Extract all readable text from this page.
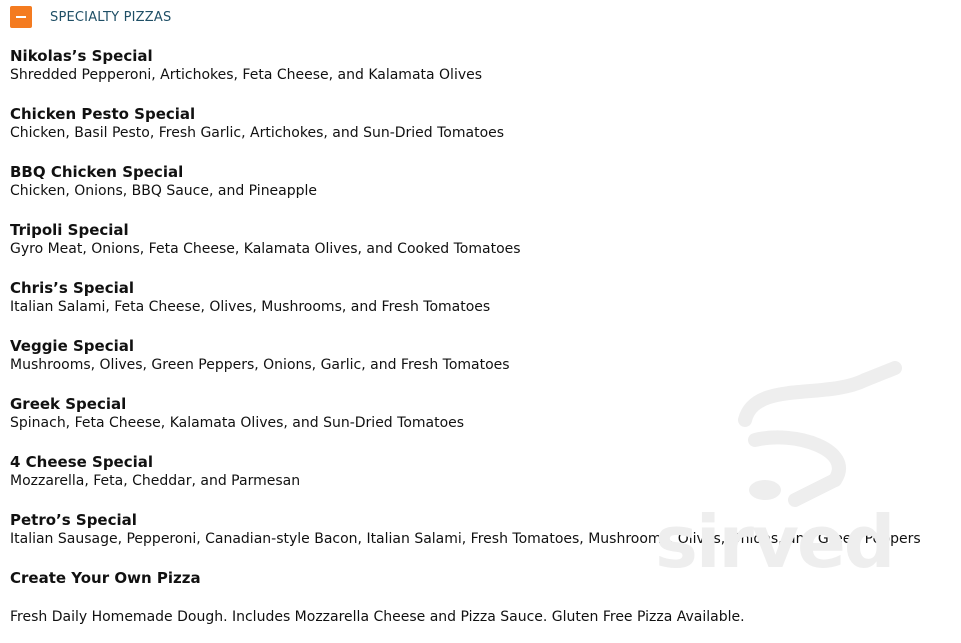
SPECIALTY PIZZAS
Nikolas’s Special
Shredded Pepperoni, Artichokes, Feta Cheese, and Kalamata Olives
Chicken Pesto Special
Chicken, Basil Pesto, Fresh Garlic, Artichokes, and Sun-Dried Tomatoes
BBQ Chicken Special
Chicken, Onions, BBQ Sauce, and Pineapple
Tripoli Special
Gyro Meat, Onions, Feta Cheese, Kalamata Olives, and Cooked Tomatoes
Chris’s Special
Italian Salami, Feta Cheese, Olives, Mushrooms, and Fresh Tomatoes
Veggie Special
Mushrooms, Olives, Green Peppers, Onions, Garlic, and Fresh Tomatoes
Greek Special
Spinach, Feta Cheese, Kalamata Olives, and Sun-Dried Tomatoes
4 Cheese Special
Mozzarella, Feta, Cheddar, and Parmesan
Petro’s Special
Italian Sausage, Pepperoni, Canadian-style Bacon, Italian Salami, Fresh Tomatoes, Mushrooms, Olives, Onions, and Green Peppers
Create Your Own Pizza
Fresh Daily Homemade Dough. Includes Mozzarella Cheese and Pizza Sauce. Gluten Free Pizza Available.
sirved
